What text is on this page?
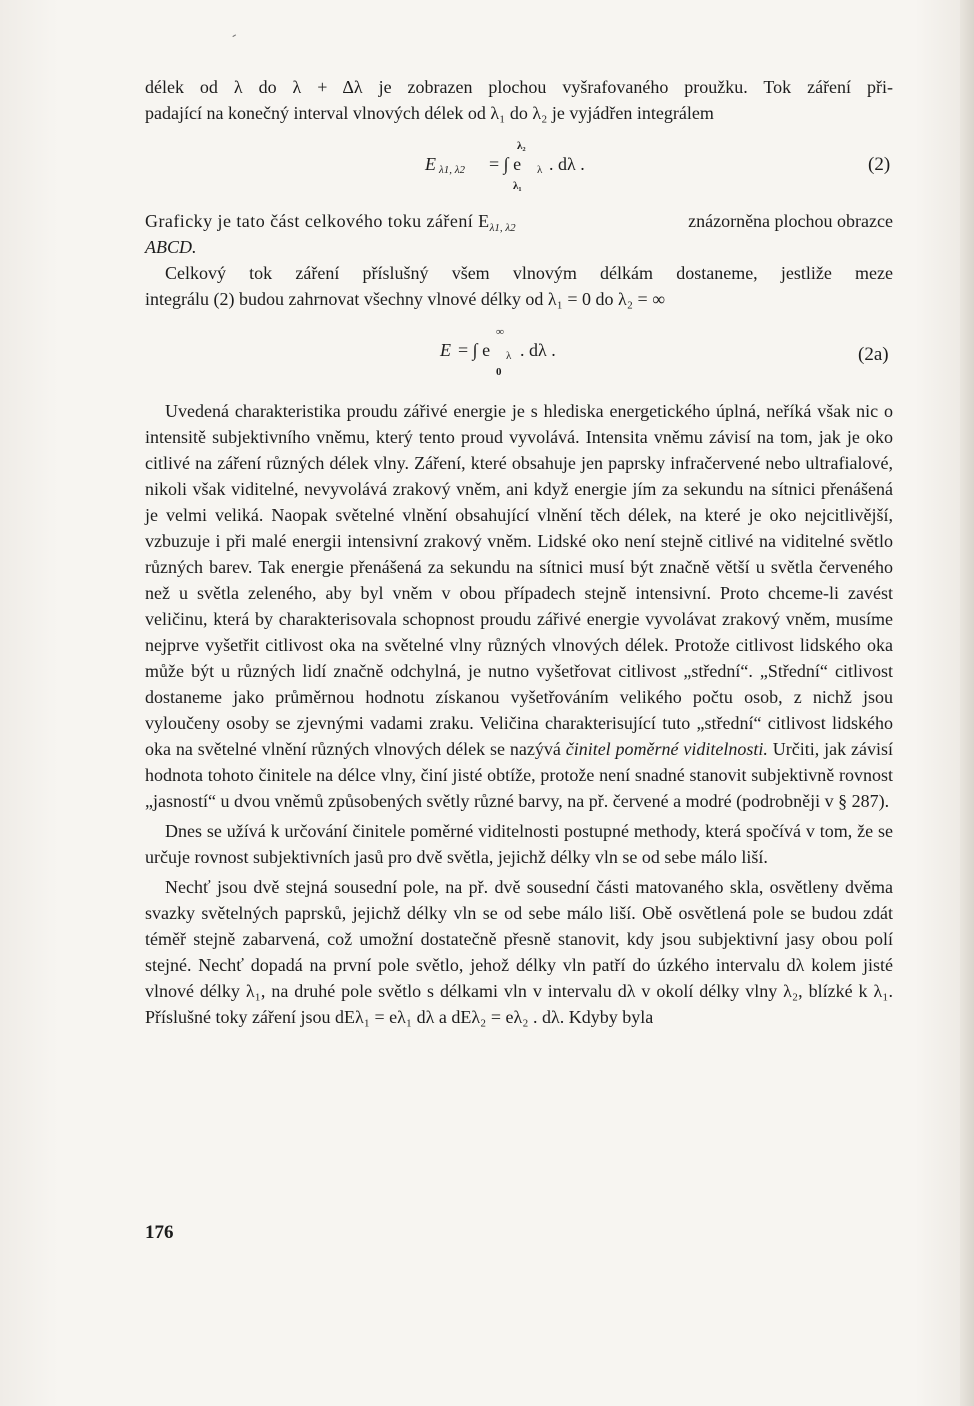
-

délek od λ do λ + Δλ je zobrazen plochou vyšrafovaného proužku. Tok záření při-

padající na konečný interval vlnových délek od λ₁ do λ₂ je vyjádřen integrálem

E λ1, λ2 = ∫ e λ . dλ .
λ₂
λ₁
(2)

Graficky je tato část celkového toku záření $E_{\lambda 1, \lambda 2}$	znázorněna plochou obrazce

ABCD.

Celkový tok záření příslušný všem vlnovým délkám dostaneme, jestliže meze

integrálu (2) budou zahrnovat všechny vlnové délky od λ₁ = 0 do λ₂ = ∞

E = ∫ e λ . dλ .
∞
0
(2a)

Uvedená charakteristika proudu zářivé energie je s hlediska energetického úplná, neříká však nic o intensitě subjektivního vněmu, který tento proud vyvolává. Intensita vněmu závisí na tom, jak je oko citlivé na záření různých délek vlny. Záření, které obsahuje jen paprsky infračervené nebo ultrafialové, nikoli však viditelné, nevyvolává zrakový vněm, ani když energie jím za sekundu na sítnici přenášená je velmi veliká. Naopak světelné vlnění obsahující vlnění těch délek, na které je oko nejcitlivější, vzbuzuje i při malé energii intensivní zrakový vněm. Lidské oko není stejně citlivé na viditelné světlo různých barev. Tak energie přenášená za sekundu na sítnici musí být značně větší u světla červeného než u světla zeleného, aby byl vněm v obou případech stejně intensivní. Proto chceme-li zavést veličinu, která by charakterisovala schopnost proudu zářivé energie vyvolávat zrakový vněm, musíme nejprve vyšetřit citlivost oka na světelné vlny různých vlnových délek. Protože citlivost lidského oka může být u různých lidí značně odchylná, je nutno vyšetřovat citlivost „střední“. „Střední“ citlivost dostaneme jako průměrnou hodnotu získanou vyšetřováním velikého počtu osob, z nichž jsou vyloučeny osoby se zjevnými vadami zraku. Veličina charakterisující tuto „střední“ citlivost lidského oka na světelné vlnění různých vlnových délek se nazývá činitel poměrné viditelnosti. Určiti, jak závisí hodnota tohoto činitele na délce vlny, činí jisté obtíže, protože není snadné stanovit subjektivně rovnost „jasností“ u dvou vněmů způsobených světly různé barvy, na př. červené a modré (podrobněji v § 287).

Dnes se užívá k určování činitele poměrné viditelnosti postupné methody, která spočívá v tom, že se určuje rovnost subjektivních jasů pro dvě světla, jejichž délky vln se od sebe málo liší.

Nechť jsou dvě stejná sousední pole, na př. dvě sousední části matovaného skla, osvětleny dvěma svazky světelných paprsků, jejichž délky vln se od sebe málo liší. Obě osvětlená pole se budou zdát téměř stejně zabarvená, což umožní dostatečně přesně stanovit, kdy jsou subjektivní jasy obou polí stejné. Nechť dopadá na první pole světlo, jehož délky vln patří do úzkého intervalu dλ kolem jisté vlnové délky λ₁, na druhé pole světlo s délkami vln v intervalu dλ v okolí délky vlny λ₂, blízké k λ₁. Příslušné toky záření jsou dEλ₁ = eλ₁ dλ a dEλ₂ = eλ₂ . dλ. Kdyby byla

176
